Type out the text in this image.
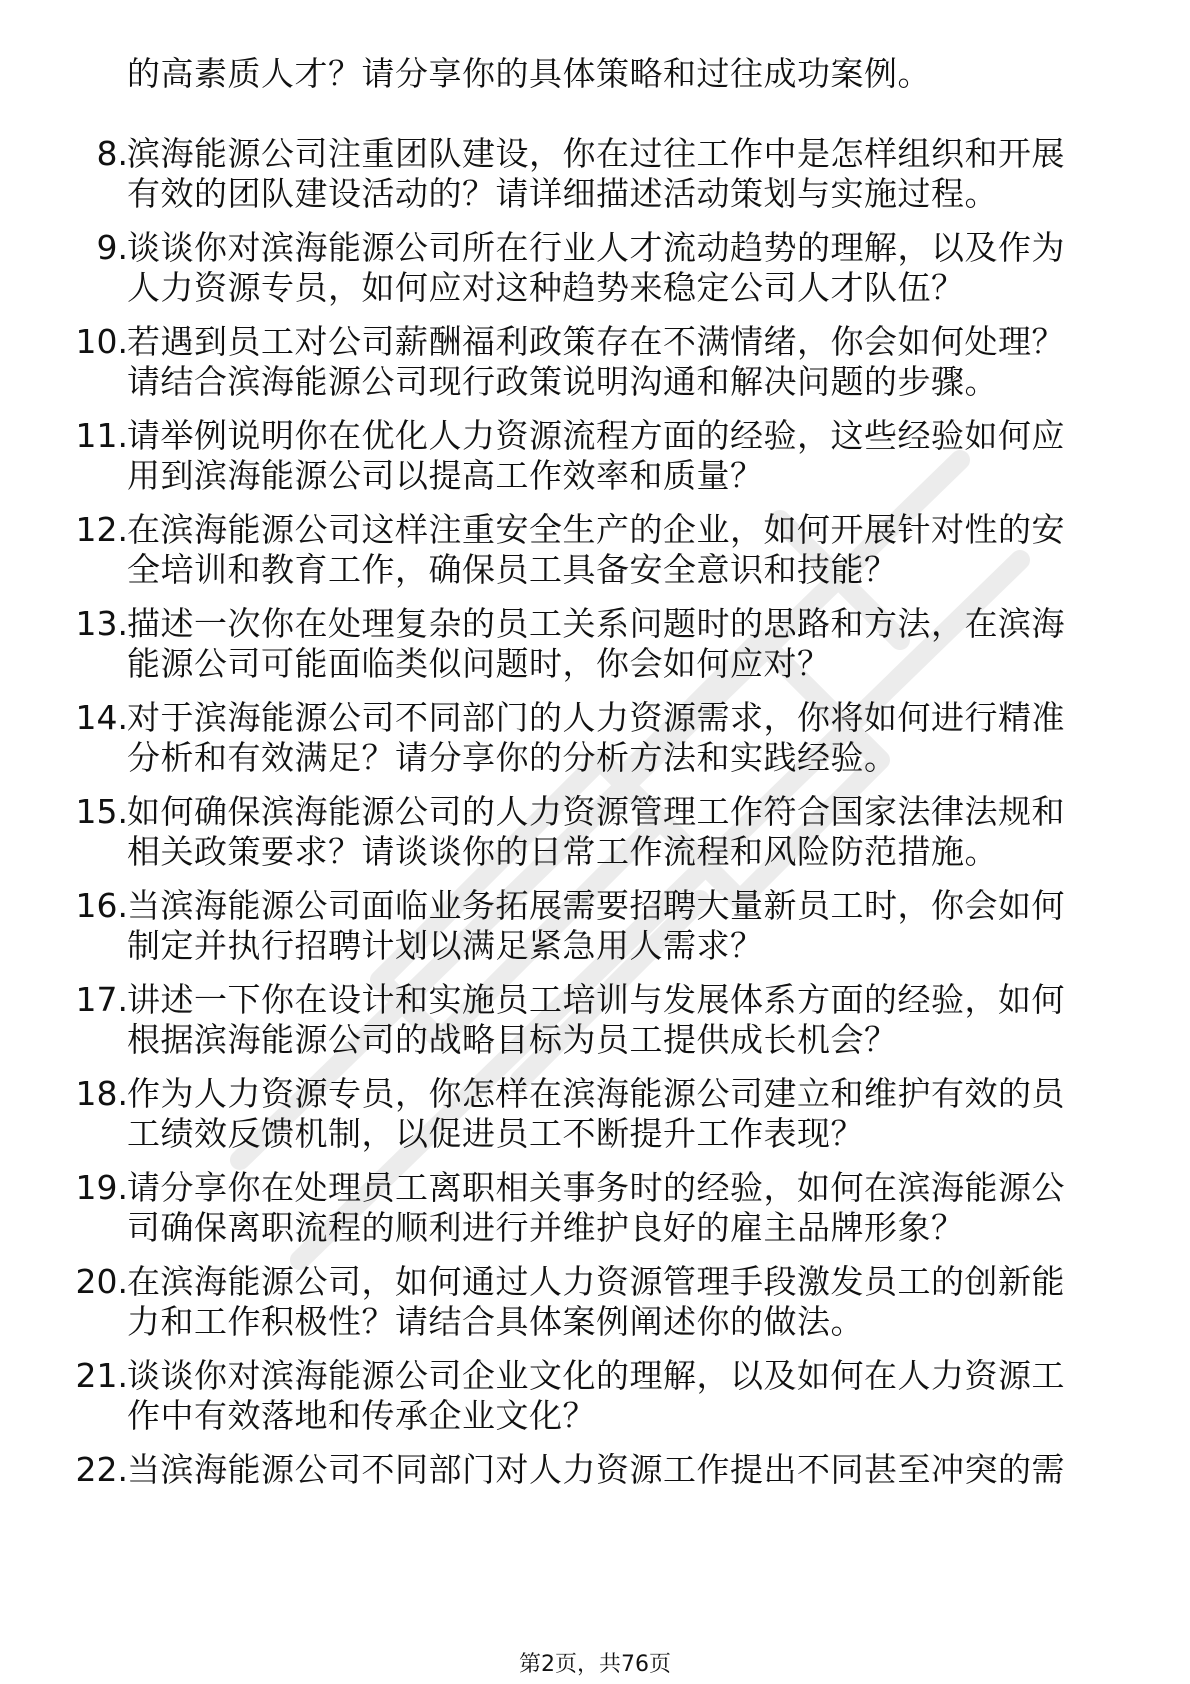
的高素质人才？请分享你的具体策略和过往成功案例。
8. 滨海能源公司注重团队建设，你在过往工作中是怎样组织和开展
有效的团队建设活动的？请详细描述活动策划与实施过程。
9. 谈谈你对滨海能源公司所在行业人才流动趋势的理解，以及作为
人力资源专员，如何应对这种趋势来稳定公司人才队伍？
10. 若遇到员工对公司薪酬福利政策存在不满情绪，你会如何处理？
请结合滨海能源公司现行政策说明沟通和解决问题的步骤。
11. 请举例说明你在优化人力资源流程方面的经验，这些经验如何应
用到滨海能源公司以提高工作效率和质量？
12. 在滨海能源公司这样注重安全生产的企业，如何开展针对性的安
全培训和教育工作，确保员工具备安全意识和技能？
13. 描述一次你在处理复杂的员工关系问题时的思路和方法，在滨海
能源公司可能面临类似问题时，你会如何应对？
14. 对于滨海能源公司不同部门的人力资源需求，你将如何进行精准
分析和有效满足？请分享你的分析方法和实践经验。
15. 如何确保滨海能源公司的人力资源管理工作符合国家法律法规和
相关政策要求？请谈谈你的日常工作流程和风险防范措施。
16. 当滨海能源公司面临业务拓展需要招聘大量新员工时，你会如何
制定并执行招聘计划以满足紧急用人需求？
17. 讲述一下你在设计和实施员工培训与发展体系方面的经验，如何
根据滨海能源公司的战略目标为员工提供成长机会？
18. 作为人力资源专员，你怎样在滨海能源公司建立和维护有效的员
工绩效反馈机制，以促进员工不断提升工作表现？
19. 请分享你在处理员工离职相关事务时的经验，如何在滨海能源公
司确保离职流程的顺利进行并维护良好的雇主品牌形象？
20. 在滨海能源公司，如何通过人力资源管理手段激发员工的创新能
力和工作积极性？请结合具体案例阐述你的做法。
21. 谈谈你对滨海能源公司企业文化的理解，以及如何在人力资源工
作中有效落地和传承企业文化？
22. 当滨海能源公司不同部门对人力资源工作提出不同甚至冲突的需
第2页，共76页
